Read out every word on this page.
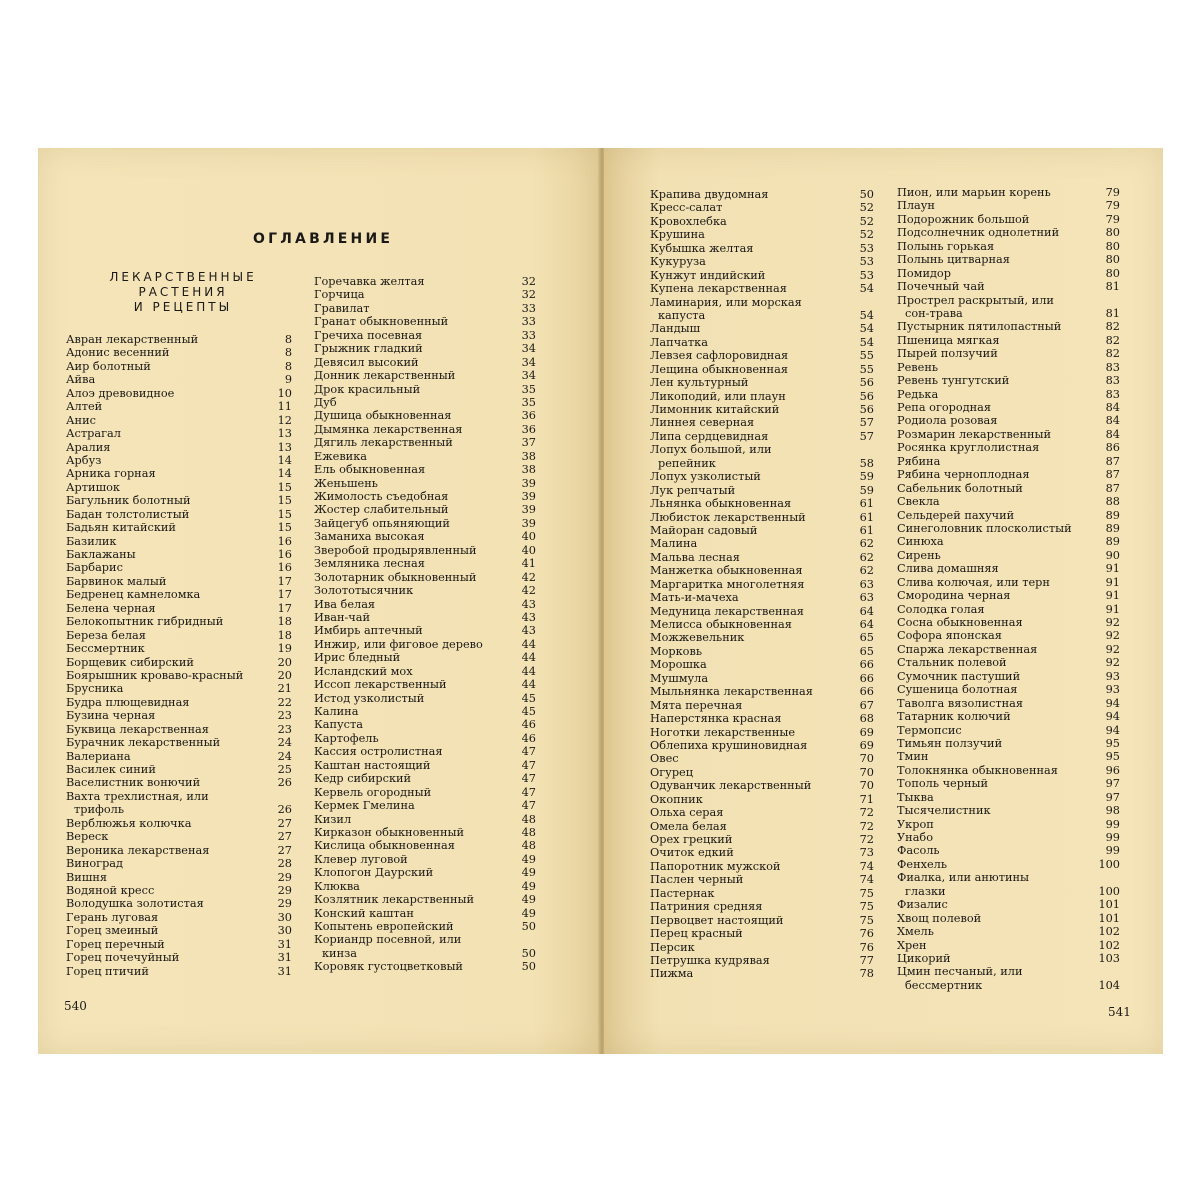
ОГЛАВЛЕНИЕ
ЛЕКАРСТВЕННЫЕ
РАСТЕНИЯ
И РЕЦЕПТЫ
Авран лекарственный	8
Адонис весенний	8
Аир болотный	8
Айва	9
Алоэ древовидное	10
Алтей	11
Анис	12
Астрагал	13
Аралия	13
Арбуз	14
Арника горная	14
Артишок	15
Багульник болотный	15
Бадан толстолистый	15
Бадьян китайский	15
Базилик	16
Баклажаны	16
Барбарис	16
Барвинок малый	17
Бедренец камнеломка	17
Белена черная	17
Белокопытник гибридный	18
Береза белая	18
Бессмертник	19
Борщевик сибирский	20
Боярышник кроваво-красный	20
Брусника	21
Будра плющевидная	22
Бузина черная	23
Буквица лекарственная	23
Бурачник лекарственный	24
Валериана	24
Василек синий	25
Васелистник вонючий	26
Вахта трехлистная, или
трифоль	26
Верблюжья колючка	27
Вереск	27
Вероника лекарственая	27
Виноград	28
Вишня	29
Водяной кресс	29
Володушка золотистая	29
Герань луговая	30
Горец змеиный	30
Горец перечный	31
Горец почечуйный	31
Горец птичий	31
Горечавка желтая	32
Горчица	32
Гравилат	33
Гранат обыкновенный	33
Гречиха посевная	33
Грыжник гладкий	34
Девясил высокий	34
Донник лекарственный	34
Дрок красильный	35
Дуб	35
Душица обыкновенная	36
Дымянка лекарственная	36
Дягиль лекарственный	37
Ежевика	38
Ель обыкновенная	38
Женьшень	39
Жимолость съедобная	39
Жостер слабительный	39
Зайцегуб опьяняющий	39
Заманиха высокая	40
Зверобой продырявленный	40
Земляника лесная	41
Золотарник обыкновенный	42
Золототысячник	42
Ива белая	43
Иван-чай	43
Имбирь аптечный	43
Инжир, или фиговое дерево	44
Ирис бледный	44
Исландский мох	44
Иссоп лекарственный	44
Истод узколистый	45
Калина	45
Капуста	46
Картофель	46
Кассия остролистная	47
Каштан настоящий	47
Кедр сибирский	47
Кервель огородный	47
Кермек Гмелина	47
Кизил	48
Кирказон обыкновенный	48
Кислица обыкновенная	48
Клевер луговой	49
Клопогон Даурский	49
Клюква	49
Козлятник лекарственный	49
Конский каштан	49
Копытень европейский	50
Кориандр посевной, или
кинза	50
Коровяк густоцветковый	50
540
Крапива двудомная	50
Кресс-салат	52
Кровохлебка	52
Крушина	52
Кубышка желтая	53
Кукуруза	53
Кунжут индийский	53
Купена лекарственная	54
Ламинария, или морская
капуста	54
Ландыш	54
Лапчатка	54
Левзея сафлоровидная	55
Лещина обыкновенная	55
Лен культурный	56
Ликоподий, или плаун	56
Лимонник китайский	56
Линнея северная	57
Липа сердцевидная	57
Лопух большой, или
репейник	58
Лопух узколистый	59
Лук репчатый	59
Льнянка обыкновенная	61
Любисток лекарственный	61
Майоран садовый	61
Малина	62
Мальва лесная	62
Манжетка обыкновенная	62
Маргаритка многолетняя	63
Мать-и-мачеха	63
Медуница лекарственная	64
Мелисса обыкновенная	64
Можжевельник	65
Морковь	65
Морошка	66
Мушмула	66
Мыльнянка лекарственная	66
Мята перечная	67
Наперстянка красная	68
Ноготки лекарственные	69
Облепиха крушиновидная	69
Овес	70
Огурец	70
Одуванчик лекарственный	70
Окопник	71
Ольха серая	72
Омела белая	72
Орех грецкий	72
Очиток едкий	73
Папоротник мужской	74
Паслен черный	74
Пастернак	75
Патриния средняя	75
Первоцвет настоящий	75
Перец красный	76
Персик	76
Петрушка кудрявая	77
Пижма	78
Пион, или марьин корень	79
Плаун	79
Подорожник большой	79
Подсолнечник однолетний	80
Полынь горькая	80
Полынь цитварная	80
Помидор	80
Почечный чай	81
Прострел раскрытый, или
сон-трава	81
Пустырник пятилопастный	82
Пшеница мягкая	82
Пырей ползучий	82
Ревень	83
Ревень тунгутский	83
Редька	83
Репа огородная	84
Родиола розовая	84
Розмарин лекарственный	84
Росянка круглолистная	86
Рябина	87
Рябина черноплодная	87
Сабельник болотный	87
Свекла	88
Сельдерей пахучий	89
Синеголовник плосколистый	89
Синюха	89
Сирень	90
Слива домашняя	91
Слива колючая, или терн	91
Смородина черная	91
Солодка голая	91
Сосна обыкновенная	92
Софора японская	92
Спаржа лекарственная	92
Стальник полевой	92
Сумочник пастуший	93
Сушеница болотная	93
Таволга вязолистная	94
Татарник колючий	94
Термопсис	94
Тимьян ползучий	95
Тмин	95
Толокнянка обыкновенная	96
Тополь черный	97
Тыква	97
Тысячелистник	98
Укроп	99
Унабо	99
Фасоль	99
Фенхель	100
Фиалка, или анютины
глазки	100
Физалис	101
Хвощ полевой	101
Хмель	102
Хрен	102
Цикорий	103
Цмин песчаный, или
бессмертник	104
541
